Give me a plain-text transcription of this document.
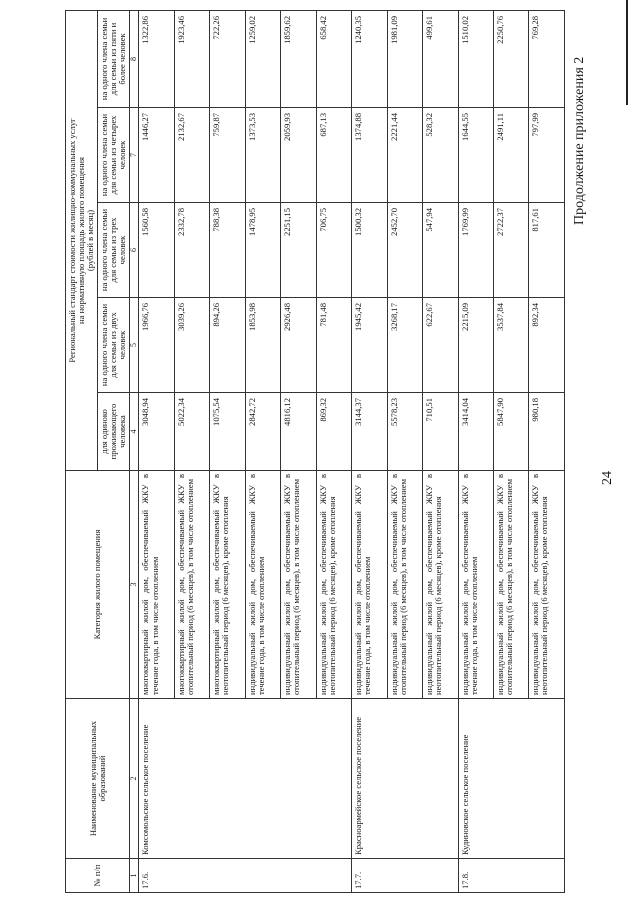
24
Продолжение приложения 2
№ п/п	Наименование муниципальных образований	Категория жилого помещения	Региональный стандарт стоимости жилищно-коммунальных услуг на нормативную площадь жилого помещения (рублей в месяц)				

			для одиноко проживающего человека	на одного члена семьи для семьи из двух человек	на одного члена семьи для семьи из трех человек	на одного члена семьи для семьи из четырех человек	на одного члена семьи для семьи из пяти и более человек
1	2	3	4	5	6	7	8
17.6.	Комсомольское сельское поселение	многоквартирный жилой дом, обеспечиваемый ЖКУ в течение года, в том числе отоплением	3048,94	1966,76	1560,58	1446,27	1322,86
		многоквартирный жилой дом, обеспечиваемый ЖКУ в отопительный период (6 месяцев), в том числе отоплением	5022,34	3039,26	2332,78	2132,67	1923,46
		многоквартирный жилой дом, обеспечиваемый ЖКУ в неотопительный период (6 месяцев), кроме отопления	1075,54	894,26	788,38	759,87	722,26
		индивидуальный жилой дом, обеспечиваемый ЖКУ в течение года, в том числе отоплением	2842,72	1853,98	1478,95	1373,53	1259,02
		индивидуальный жилой дом, обеспечиваемый ЖКУ в отопительный период (6 месяцев), в том числе отоплением	4816,12	2926,48	2251,15	2059,93	1859,62
		индивидуальный жилой дом, обеспечиваемый ЖКУ в неотопительный период (6 месяцев), кроме отопления	869,32	781,48	706,75	687,13	658,42
17.7.	Красноармейское сельское поселение	индивидуальный жилой дом, обеспечиваемый ЖКУ в течение года, в том числе отоплением	3144,37	1945,42	1500,32	1374,88	1240,35
		индивидуальный жилой дом, обеспечиваемый ЖКУ в отопительный период (6 месяцев), в том числе отоплением	5578,23	3268,17	2452,70	2221,44	1981,09
		индивидуальный жилой дом, обеспечиваемый ЖКУ в неотопительный период (6 месяцев), кроме отопления	710,51	622,67	547,94	528,32	499,61
17.8.	Кудиновское сельское поселение	индивидуальный жилой дом, обеспечиваемый ЖКУ в течение года, в том числе отоплением	3414,04	2215,09	1769,99	1644,55	1510,02
		индивидуальный жилой дом, обеспечиваемый ЖКУ в отопительный период (6 месяцев), в том числе отоплением	5847,90	3537,84	2722,37	2491,11	2250,76
		индивидуальный жилой дом, обеспечиваемый ЖКУ в неотопительный период (6 месяцев), кроме отопления	980,18	892,34	817,61	797,99	769,28
